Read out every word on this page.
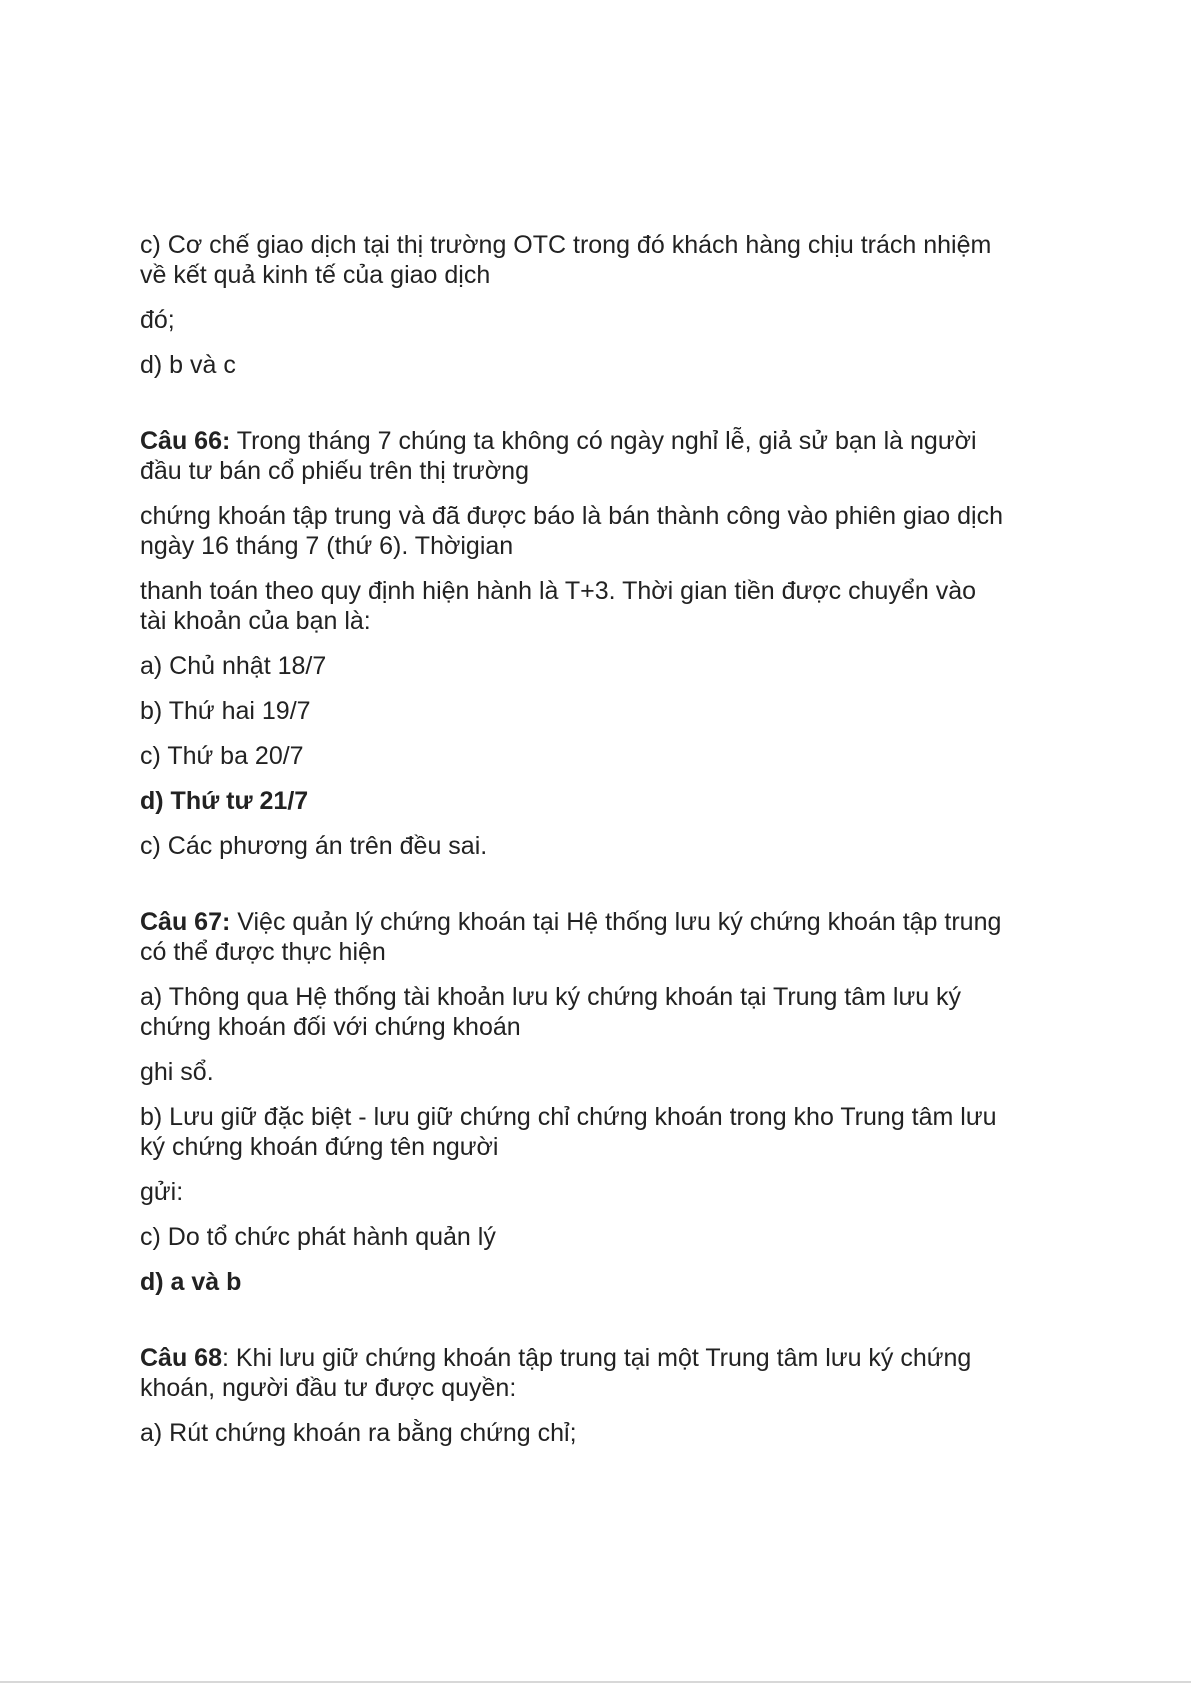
c) Cơ chế giao dịch tại thị trường OTC trong đó khách hàng chịu trách nhiệm
về kết quả kinh tế của giao dịch
đó;
d) b và c
Câu 66: Trong tháng 7 chúng ta không có ngày nghỉ lễ, giả sử bạn là người
đầu tư bán cổ phiếu trên thị trường
chứng khoán tập trung và đã được báo là bán thành công vào phiên giao dịch
ngày 16 tháng 7 (thứ 6). Thờigian
thanh toán theo quy định hiện hành là T+3. Thời gian tiền được chuyển vào
tài khoản của bạn là:
a) Chủ nhật 18/7
b) Thứ hai 19/7
c) Thứ ba 20/7
d) Thứ tư 21/7
c) Các phương án trên đều sai.
Câu 67: Việc quản lý chứng khoán tại Hệ thống lưu ký chứng khoán tập trung
có thể được thực hiện
a) Thông qua Hệ thống tài khoản lưu ký chứng khoán tại Trung tâm lưu ký
chứng khoán đối với chứng khoán
ghi sổ.
b) Lưu giữ đặc biệt - lưu giữ chứng chỉ chứng khoán trong kho Trung tâm lưu
ký chứng khoán đứng tên người
gửi:
c) Do tổ chức phát hành quản lý
d) a và b
Câu 68: Khi lưu giữ chứng khoán tập trung tại một Trung tâm lưu ký chứng
khoán, người đầu tư được quyền:
a) Rút chứng khoán ra bằng chứng chỉ;
